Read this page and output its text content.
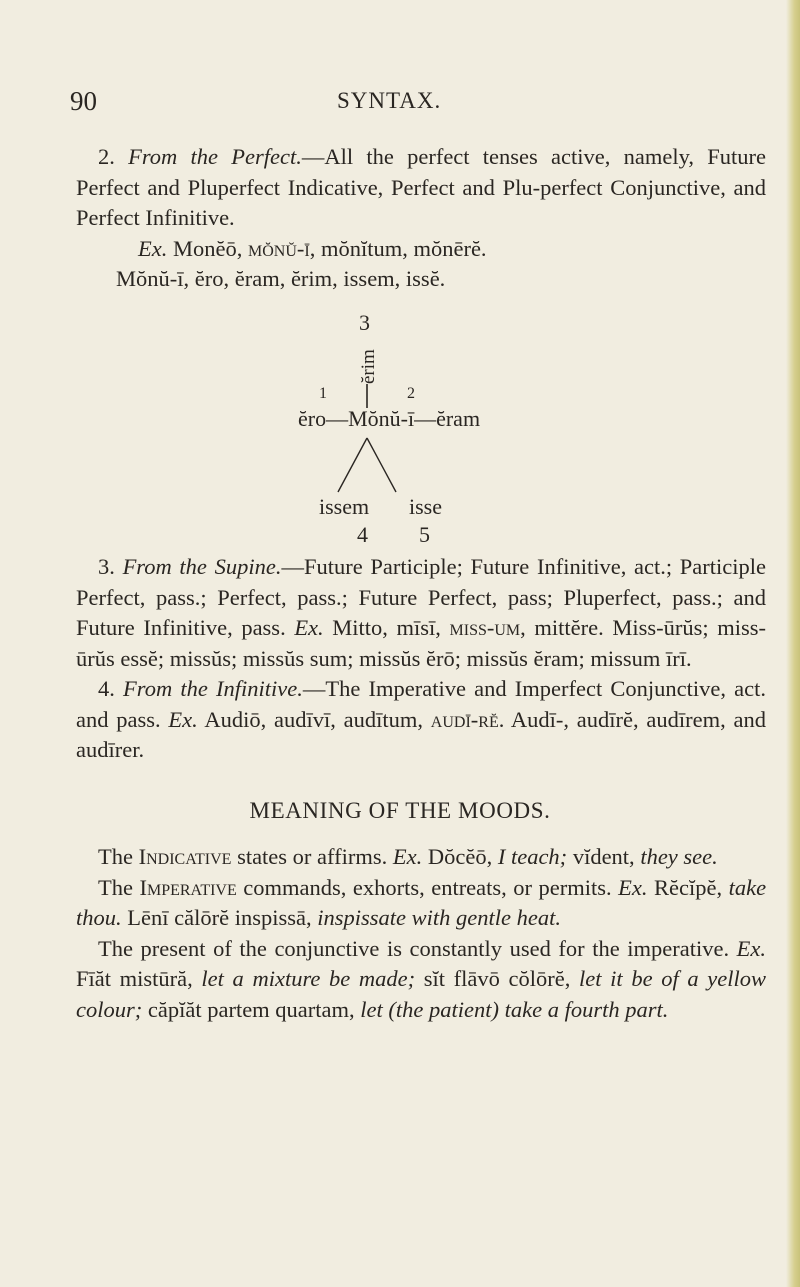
90	SYNTAX.

2. From the Perfect.—All the perfect tenses active, namely, Future Perfect and Pluperfect Indicative, Perfect and Plu-perfect Conjunctive, and Perfect Infinitive.

Ex. Monĕō, mŏnŭ-ī, mŏnĭtum, mŏnērĕ.

Mŏnŭ-ī, ĕro, ĕram, ĕrim, issem, issĕ.

3
ĕrim
1	2
ĕro—Mŏnŭ-ī—ĕram
issem isse
4 5

3. From the Supine.—Future Participle; Future Infinitive, act.; Participle Perfect, pass.; Perfect, pass.; Future Perfect, pass; Pluperfect, pass.; and Future Infinitive, pass. Ex. Mitto, mīsī, miss-um, mittĕre. Miss-ūrŭs; miss-ūrŭs essĕ; missŭs; missŭs sum; missŭs ĕrō; missŭs ĕram; missum īrī.

4. From the Infinitive.—The Imperative and Imperfect Conjunctive, act. and pass. Ex. Audiō, audīvī, audītum, audī-rĕ. Audī-, audīrĕ, audīrem, and audīrer.

MEANING OF THE MOODS.

The Indicative states or affirms. Ex. Dŏcĕō, I teach; vĭdent, they see.

The Imperative commands, exhorts, entreats, or permits. Ex. Rĕcĭpĕ, take thou. Lēnī călōrĕ inspissā, inspissate with gentle heat.

The present of the conjunctive is constantly used for the imperative. Ex. Fīăt mistūră, let a mixture be made; sĭt flāvō cŏlōrĕ, let it be of a yellow colour; căpĭăt partem quartam, let (the patient) take a fourth part.
